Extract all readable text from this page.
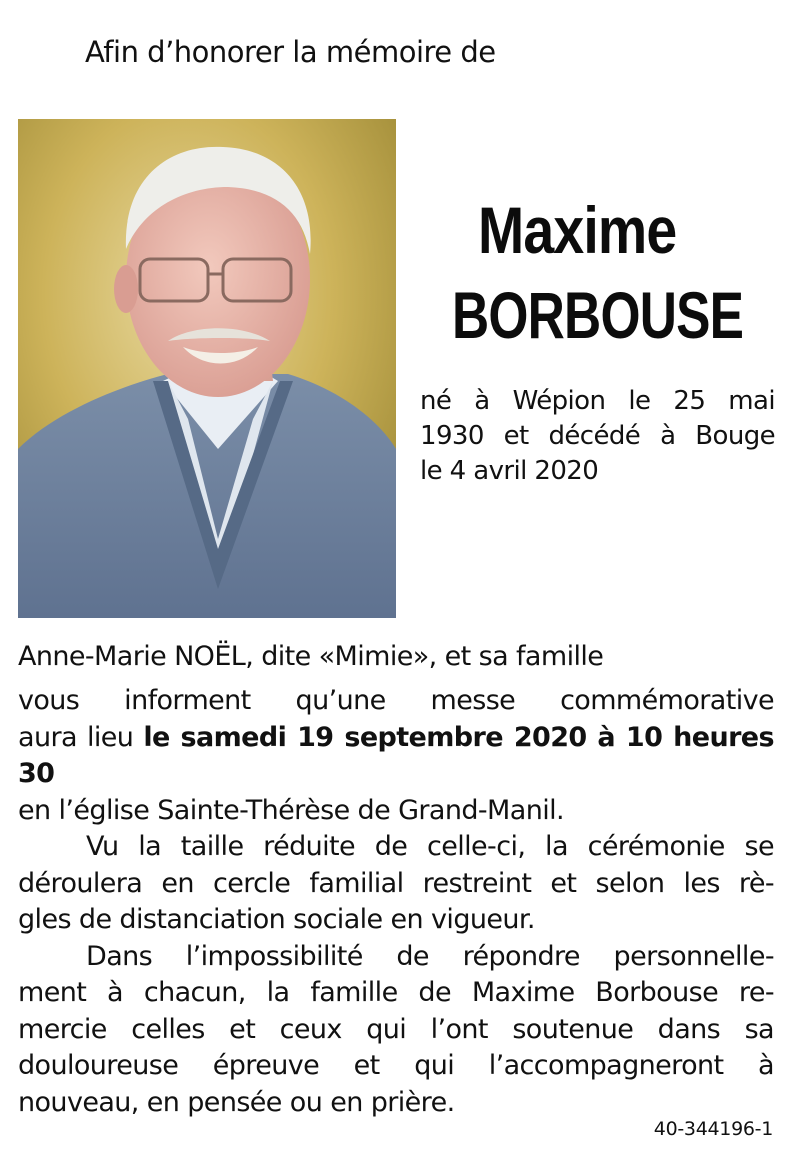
Afin d’honorer la mémoire de
Maxime
BORBOUSE
né à Wépion le 25 mai
1930 et décédé à Bouge
le 4 avril 2020
Anne-Marie NOËL, dite «Mimie», et sa famille

vous informent qu’une messe commémorative
aura lieu le samedi 19 septembre 2020 à 10 heures 30
en l’église Sainte-Thérèse de Grand-Manil.

Vu la taille réduite de celle-ci, la cérémonie se

déroulera en cercle familial restreint et selon les rè-
gles de distanciation sociale en vigueur.

Dans l’impossibilité de répondre personnelle-

ment à chacun, la famille de Maxime Borbouse re-
mercie celles et ceux qui l’ont soutenue dans sa
douloureuse épreuve et qui l’accompagneront à
nouveau, en pensée ou en prière.

40-344196-1
